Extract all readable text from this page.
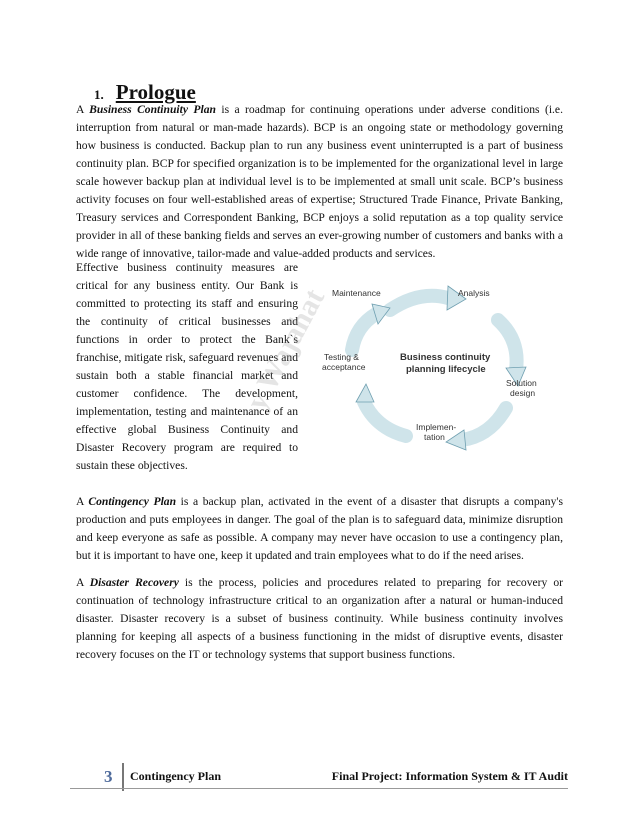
1. Prologue

A Business Continuity Plan is a roadmap for continuing operations under adverse conditions (i.e. interruption from natural or man-made hazards). BCP is an ongoing state or methodology governing how business is conducted. Backup plan to run any business event uninterrupted is a part of business continuity plan. BCP for specified organization is to be implemented for the organizational level in large scale however backup plan at individual level is to be implemented at small unit scale. BCP’s business activity focuses on four well-established areas of expertise; Structured Trade Finance, Private Banking, Treasury services and Correspondent Banking, BCP enjoys a solid reputation as a top quality service provider in all of these banking fields and serves an ever-growing number of customers and banks with a wide range of innovative, tailor-made and value-added products and services.

Effective business continuity measures are critical for any business entity. Our Bank is committed to protecting its staff and ensuring the continuity of critical businesses and functions in order to protect the Bank`s franchise, mitigate risk, safeguard revenues and sustain both a stable financial market and customer confidence. The development, implementation, testing and maintenance of an effective global Business Continuity and Disaster Recovery program are required to sustain these objectives.

Business continuity
planning lifecycle
Maintenance	Analysis
Solution
design
Implemen-
tation
Testing &
acceptance
y Wajahat

A Contingency Plan is a backup plan, activated in the event of a disaster that disrupts a company's production and puts employees in danger. The goal of the plan is to safeguard data, minimize disruption and keep everyone as safe as possible. A company may never have occasion to use a contingency plan, but it is important to have one, keep it updated and train employees what to do if the need arises.

A Disaster Recovery is the process, policies and procedures related to preparing for recovery or continuation of technology infrastructure critical to an organization after a natural or human-induced disaster. Disaster recovery is a subset of business continuity. While business continuity involves planning for keeping all aspects of a business functioning in the midst of disruptive events, disaster recovery focuses on the IT or technology systems that support business functions.

3 Contingency Plan	Final Project: Information System & IT Audit
